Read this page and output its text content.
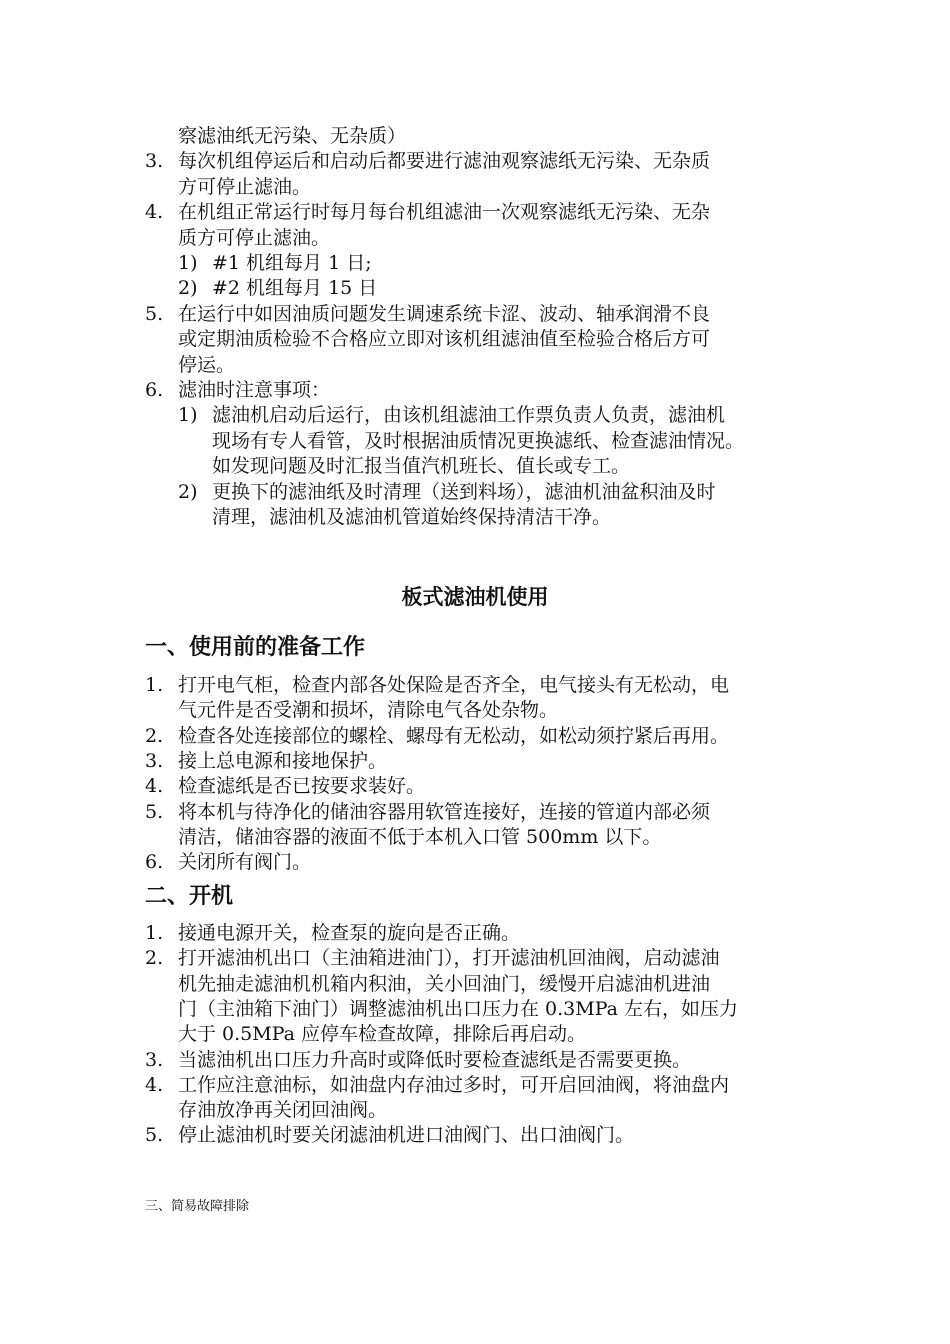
察滤油纸无污染、无杂质）
3. 每次机组停运后和启动后都要进行滤油观察滤纸无污染、无杂质
方可停止滤油。
4. 在机组正常运行时每月每台机组滤油一次观察滤纸无污染、无杂
质方可停止滤油。
1) #1 机组每月 1 日;
2) #2 机组每月 15 日
5. 在运行中如因油质问题发生调速系统卡涩、波动、轴承润滑不良
或定期油质检验不合格应立即对该机组滤油值至检验合格后方可
停运。
6. 滤油时注意事项：
1) 滤油机启动后运行，由该机组滤油工作票负责人负责，滤油机
现场有专人看管，及时根据油质情况更换滤纸、检查滤油情况。
如发现问题及时汇报当值汽机班长、值长或专工。
2) 更换下的滤油纸及时清理（送到料场），滤油机油盆积油及时
清理，滤油机及滤油机管道始终保持清洁干净。
板式滤油机使用
一、使用前的准备工作
1. 打开电气柜，检查内部各处保险是否齐全，电气接头有无松动，电
气元件是否受潮和损坏，清除电气各处杂物。
2. 检查各处连接部位的螺栓、螺母有无松动，如松动须拧紧后再用。
3. 接上总电源和接地保护。
4. 检查滤纸是否已按要求装好。
5. 将本机与待净化的储油容器用软管连接好，连接的管道内部必须
清洁，储油容器的液面不低于本机入口管 500mm 以下。
6. 关闭所有阀门。
二、开机
1. 接通电源开关，检查泵的旋向是否正确。
2. 打开滤油机出口（主油箱进油门），打开滤油机回油阀，启动滤油
机先抽走滤油机机箱内积油，关小回油门，缓慢开启滤油机进油
门（主油箱下油门）调整滤油机出口压力在 0.3MPa 左右，如压力
大于 0.5MPa 应停车检查故障，排除后再启动。
3. 当滤油机出口压力升高时或降低时要检查滤纸是否需要更换。
4. 工作应注意油标，如油盘内存油过多时，可开启回油阀，将油盘内
存油放净再关闭回油阀。
5. 停止滤油机时要关闭滤油机进口油阀门、出口油阀门。
三、简易故障排除
